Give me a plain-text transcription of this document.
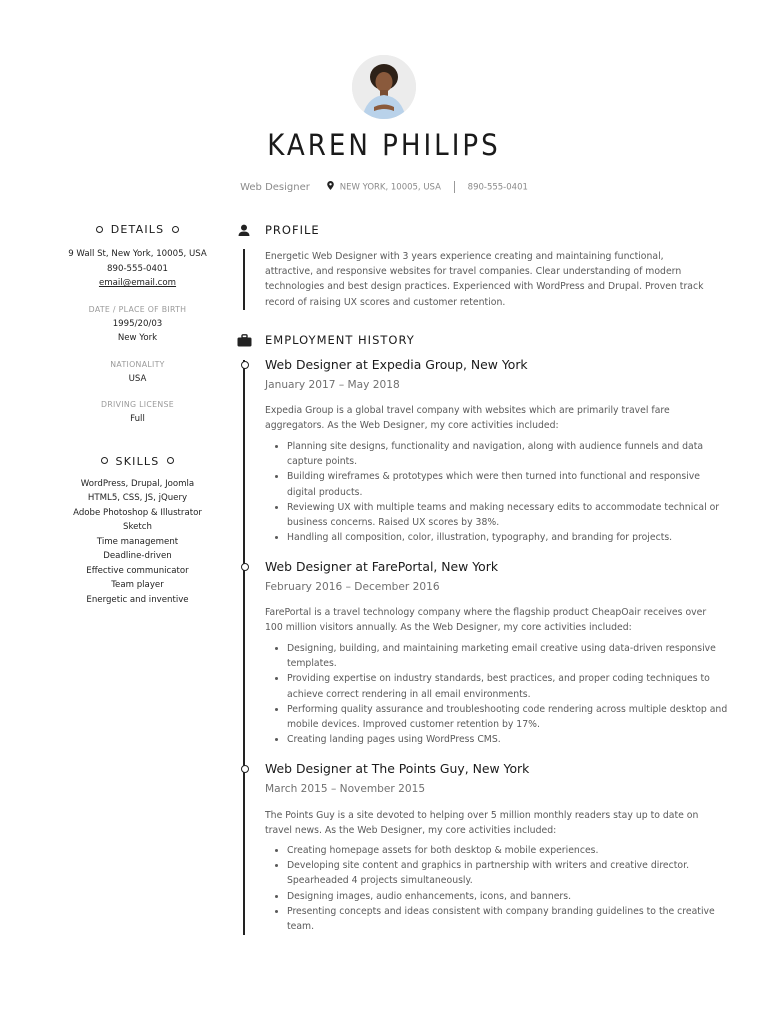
KAREN PHILIPS
Web Designer	NEW YORK, 10005, USA	890-555-0401
DETAILS
9 Wall St, New York, 10005, USA
890-555-0401
email@email.com
DATE / PLACE OF BIRTH
1995/20/03
New York
NATIONALITY
USA
DRIVING LICENSE
Full
SKILLS
WordPress, Drupal, Joomla
HTML5, CSS, JS, jQuery
Adobe Photoshop & Illustrator
Sketch
Time management
Deadline-driven
Effective communicator
Team player
Energetic and inventive
PROFILE
Energetic Web Designer with 3 years experience creating and maintaining functional, attractive, and responsive websites for travel companies. Clear understanding of modern technologies and best design practices. Experienced with WordPress and Drupal. Proven track record of raising UX scores and customer retention.
EMPLOYMENT HISTORY
Web Designer at Expedia Group, New York
January 2017 – May 2018
Expedia Group is a global travel company with websites which are primarily travel fare aggregators. As the Web Designer, my core activities included:
• Planning site designs, functionality and navigation, along with audience funnels and data capture points.
• Building wireframes & prototypes which were then turned into functional and responsive digital products.
• Reviewing UX with multiple teams and making necessary edits to accommodate technical or business concerns. Raised UX scores by 38%.
• Handling all composition, color, illustration, typography, and branding for projects.
Web Designer at FarePortal, New York
February 2016 – December 2016
FarePortal is a travel technology company where the flagship product CheapOair receives over 100 million visitors annually. As the Web Designer, my core activities included:
• Designing, building, and maintaining marketing email creative using data-driven responsive templates.
• Providing expertise on industry standards, best practices, and proper coding techniques to achieve correct rendering in all email environments.
• Performing quality assurance and troubleshooting code rendering across multiple desktop and mobile devices. Improved customer retention by 17%.
• Creating landing pages using WordPress CMS.
Web Designer at The Points Guy, New York
March 2015 – November 2015
The Points Guy is a site devoted to helping over 5 million monthly readers stay up to date on travel news. As the Web Designer, my core activities included:
• Creating homepage assets for both desktop & mobile experiences.
• Developing site content and graphics in partnership with writers and creative director. Spearheaded 4 projects simultaneously.
• Designing images, audio enhancements, icons, and banners.
• Presenting concepts and ideas consistent with company branding guidelines to the creative team.
